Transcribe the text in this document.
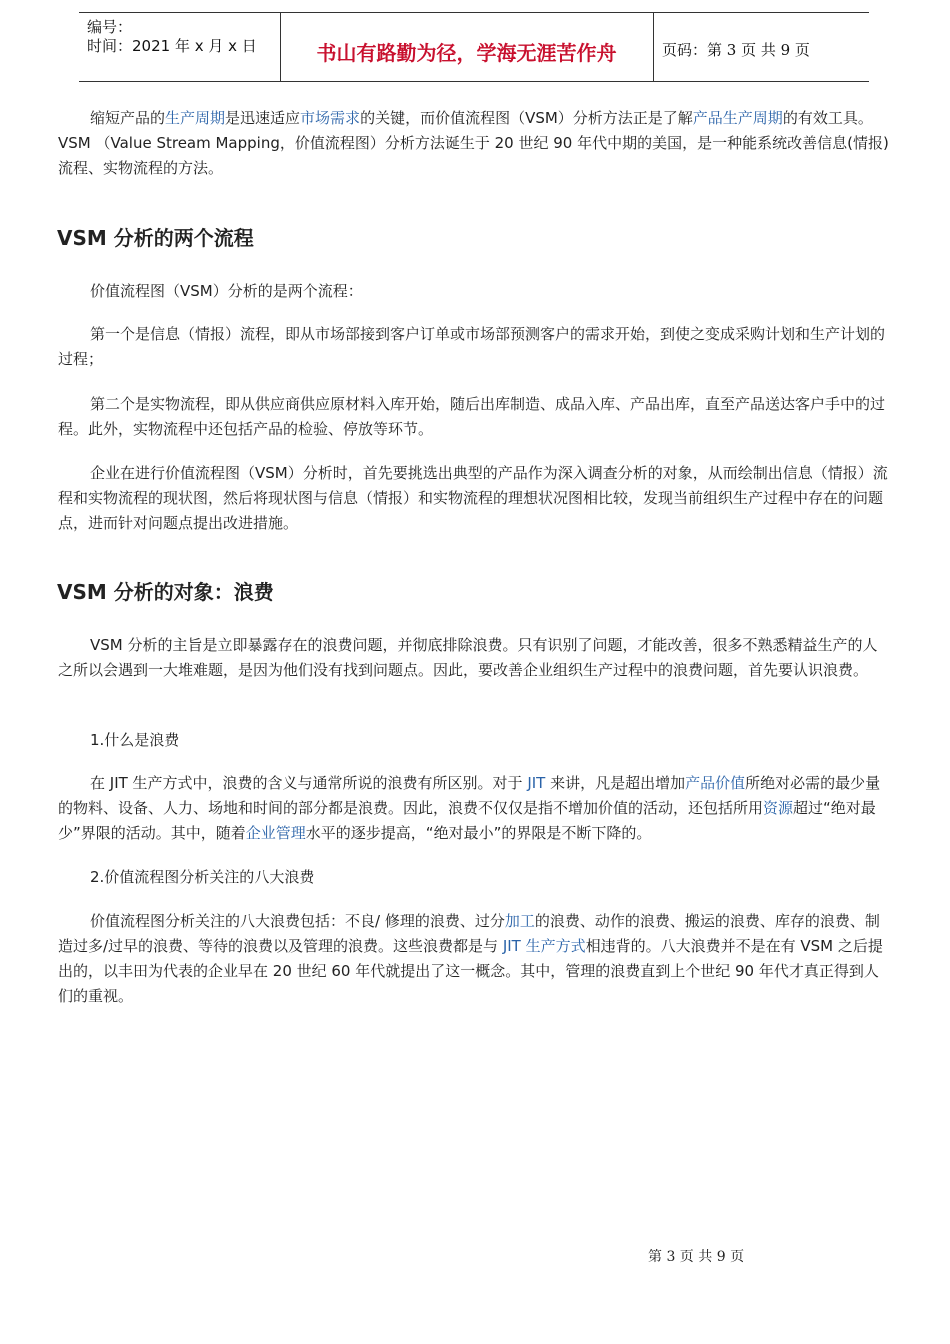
编号：
时间：2021 年 x 月 x 日	书山有路勤为径，学海无涯苦作舟	页码：第 3 页 共 9 页

缩短产品的生产周期是迅速适应市场需求的关键，而价值流程图（VSM）分析方法正是了解产品生产周期的有效工具。VSM （Value Stream Mapping，价值流程图）分析方法诞生于 20 世纪 90 年代中期的美国，是一种能系统改善信息(情报)流程、实物流程的方法。

VSM 分析的两个流程

价值流程图（VSM）分析的是两个流程：

第一个是信息（情报）流程，即从市场部接到客户订单或市场部预测客户的需求开始，到使之变成采购计划和生产计划的过程；

第二个是实物流程，即从供应商供应原材料入库开始，随后出库制造、成品入库、产品出库，直至产品送达客户手中的过程。此外，实物流程中还包括产品的检验、停放等环节。

企业在进行价值流程图（VSM）分析时，首先要挑选出典型的产品作为深入调查分析的对象，从而绘制出信息（情报）流程和实物流程的现状图，然后将现状图与信息（情报）和实物流程的理想状况图相比较，发现当前组织生产过程中存在的问题点，进而针对问题点提出改进措施。

VSM 分析的对象：浪费

VSM 分析的主旨是立即暴露存在的浪费问题，并彻底排除浪费。只有识别了问题，才能改善，很多不熟悉精益生产的人之所以会遇到一大堆难题，是因为他们没有找到问题点。因此，要改善企业组织生产过程中的浪费问题，首先要认识浪费。

1.什么是浪费

在 JIT 生产方式中，浪费的含义与通常所说的浪费有所区别。对于 JIT 来讲，凡是超出增加产品价值所绝对必需的最少量的物料、设备、人力、场地和时间的部分都是浪费。因此，浪费不仅仅是指不增加价值的活动，还包括所用资源超过“绝对最少”界限的活动。其中，随着企业管理水平的逐步提高，“绝对最小”的界限是不断下降的。

2.价值流程图分析关注的八大浪费

价值流程图分析关注的八大浪费包括：不良/ 修理的浪费、过分加工的浪费、动作的浪费、搬运的浪费、库存的浪费、制造过多/过早的浪费、等待的浪费以及管理的浪费。这些浪费都是与 JIT 生产方式相违背的。八大浪费并不是在有 VSM 之后提出的，以丰田为代表的企业早在 20 世纪 60 年代就提出了这一概念。其中，管理的浪费直到上个世纪 90 年代才真正得到人们的重视。

第 3 页 共 9 页
